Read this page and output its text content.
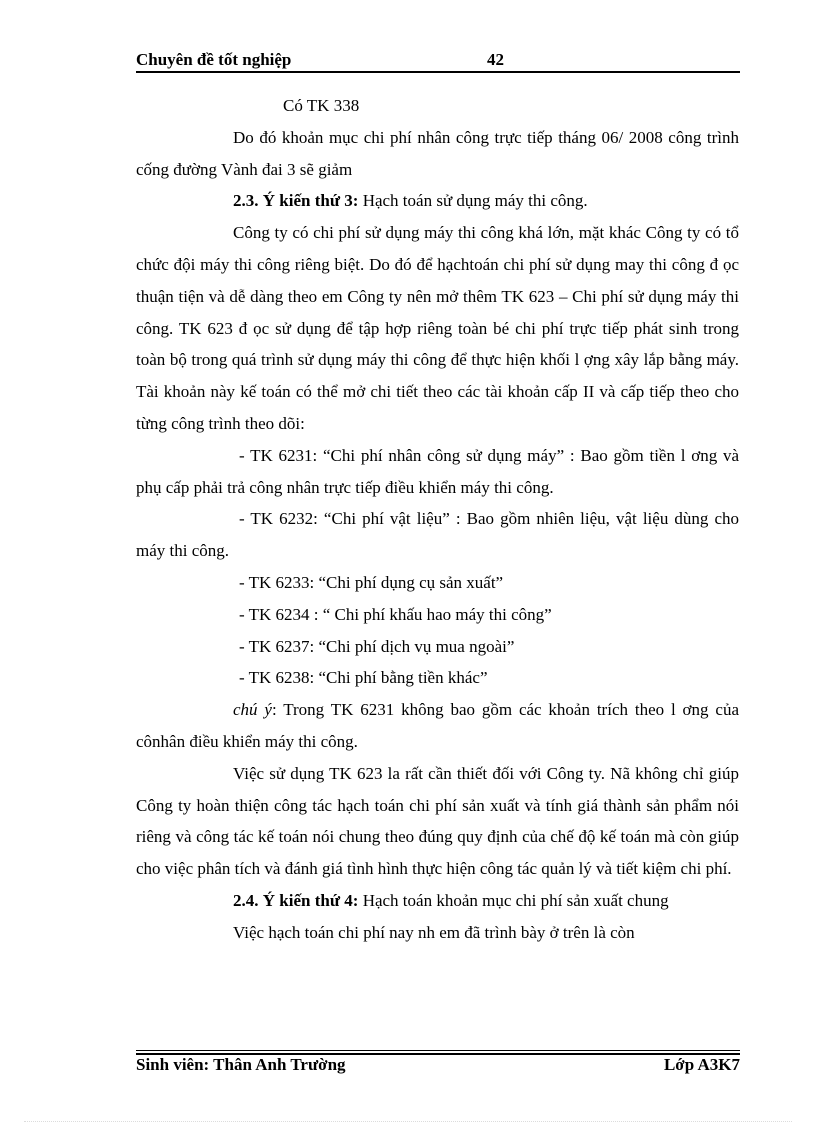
Chuyên đề tốt nghiệp	42

Có TK 338

Do đó khoản mục chi phí nhân công trực tiếp tháng 06/ 2008 công trình cống đường Vành đai 3 sẽ giảm

2.3. Ý kiến thứ 3: Hạch toán sử dụng máy thi công.

Công ty có chi phí sử dụng máy thi công khá lớn, mặt khác Công ty có tổ chức đội máy thi công riêng biệt. Do đó để hạchtoán chi phí sử dụng may thi công đ ọc thuận tiện và dễ dàng theo em Công ty nên mở thêm TK 623 – Chi phí sử dụng máy thi công. TK 623 đ ọc sử dụng để tập hợp riêng toàn bé chi phí trực tiếp phát sinh trong toàn bộ trong quá trình sử dụng máy thi công để thực hiện khối l ợng xây lắp bằng máy. Tài khoản này kế toán có thể mở chi tiết theo các tài khoản cấp II và cấp tiếp theo cho từng công trình theo dõi:

- TK 6231: “Chi phí nhân công sử dụng máy” : Bao gồm tiền l ơng và phụ cấp phải trả công nhân trực tiếp điều khiển máy thi công.

- TK 6232: “Chi phí vật liệu” : Bao gồm nhiên liệu, vật liệu dùng cho máy thi công.

- TK 6233: “Chi phí dụng cụ sản xuất”

- TK 6234 : “ Chi phí khấu hao máy thi công”

- TK 6237: “Chi phí dịch vụ mua ngoài”

- TK 6238: “Chi phí bằng tiền khác”

chú ý: Trong TK 6231 không bao gồm các khoản trích theo l ơng của cônhân điều khiển máy thi công.

Việc sử dụng TK 623 la rất cần thiết đối với Công ty. Nã không chỉ giúp Công ty hoàn thiện công tác hạch toán chi phí sản xuất và tính giá thành sản phẩm nói riêng và công tác kế toán nói chung theo đúng quy định của chế độ kế toán mà còn giúp cho việc phân tích và đánh giá tình hình thực hiện công tác quản lý và tiết kiệm chi phí.

2.4. Ý kiến thứ 4: Hạch toán khoản mục chi phí sản xuất chung

Việc hạch toán chi phí nay nh em đã trình bày ở trên là còn

Sinh viên: Thân Anh Trường	Lớp A3K7
